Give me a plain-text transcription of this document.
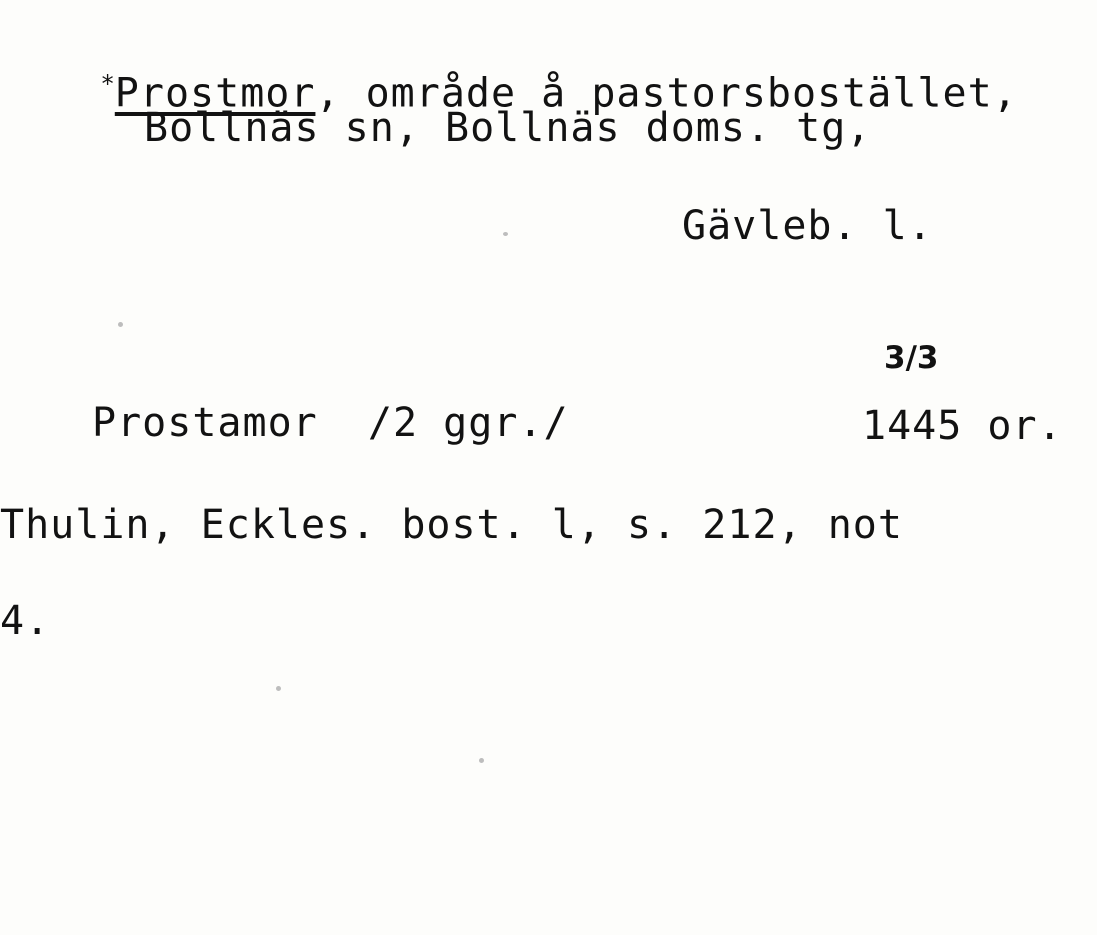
*Prostmor, område å pastorsbostället,

Bollnäs sn, Bollnäs doms. tg,
Gävleb. l.
3/3
Prostamor  /2 ggr./	1445 or.
Thulin, Eckles. bost. l, s. 212, not
4.
